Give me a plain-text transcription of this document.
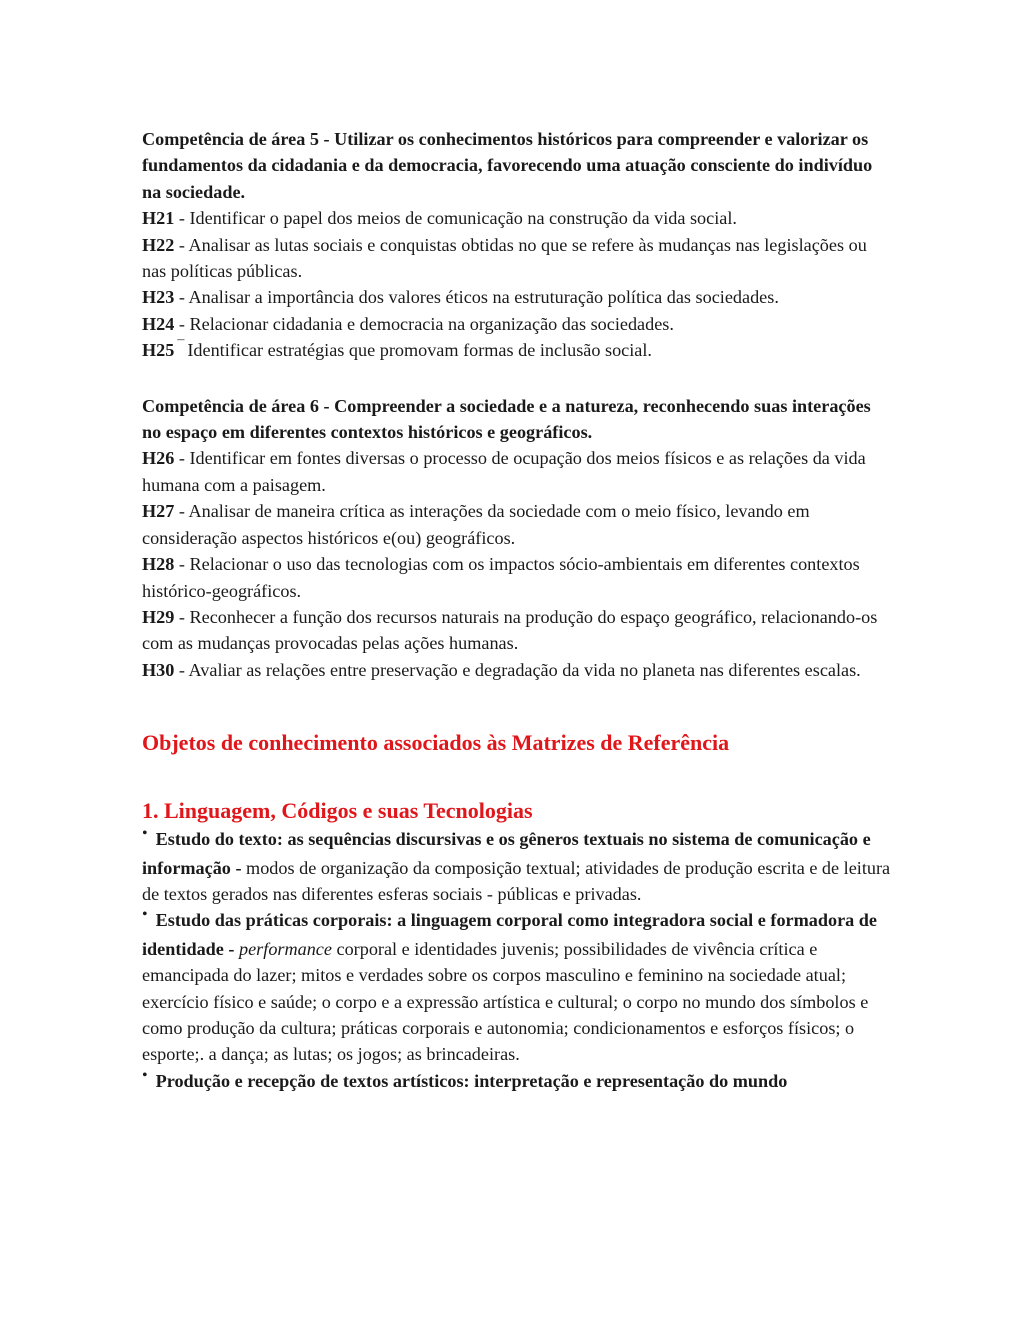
Competência de área 5 - Utilizar os conhecimentos históricos para compreender e valorizar os fundamentos da cidadania e da democracia, favorecendo uma atuação consciente do indivíduo na sociedade.

H21 - Identificar o papel dos meios de comunicação na construção da vida social.

H22 - Analisar as lutas sociais e conquistas obtidas no que se refere às mudanças nas legislações ou nas políticas públicas.

H23 - Analisar a importância dos valores éticos na estruturação política das sociedades.

H24 - Relacionar cidadania e democracia na organização das sociedades.

H25 ¯ Identificar estratégias que promovam formas de inclusão social.

Competência de área 6 - Compreender a sociedade e a natureza, reconhecendo suas interações no espaço em diferentes contextos históricos e geográficos.

H26 - Identificar em fontes diversas o processo de ocupação dos meios físicos e as relações da vida humana com a paisagem.

H27 - Analisar de maneira crítica as interações da sociedade com o meio físico, levando em consideração aspectos históricos e(ou) geográficos.

H28 - Relacionar o uso das tecnologias com os impactos sócio-ambientais em diferentes contextos histórico-geográficos.

H29 - Reconhecer a função dos recursos naturais na produção do espaço geográfico, relacionando-os com as mudanças provocadas pelas ações humanas.

H30 - Avaliar as relações entre preservação e degradação da vida no planeta nas diferentes escalas.

Objetos de conhecimento associados às Matrizes de Referência

1. Linguagem, Códigos e suas Tecnologias

• Estudo do texto: as sequências discursivas e os gêneros textuais no sistema de comunicação e informação - modos de organização da composição textual; atividades de produção escrita e de leitura de textos gerados nas diferentes esferas sociais - públicas e privadas.

• Estudo das práticas corporais: a linguagem corporal como integradora social e formadora de identidade - performance corporal e identidades juvenis; possibilidades de vivência crítica e emancipada do lazer; mitos e verdades sobre os corpos masculino e feminino na sociedade atual; exercício físico e saúde; o corpo e a expressão artística e cultural; o corpo no mundo dos símbolos e como produção da cultura; práticas corporais e autonomia; condicionamentos e esforços físicos; o esporte;. a dança; as lutas; os jogos; as brincadeiras.

• Produção e recepção de textos artísticos: interpretação e representação do mundo
